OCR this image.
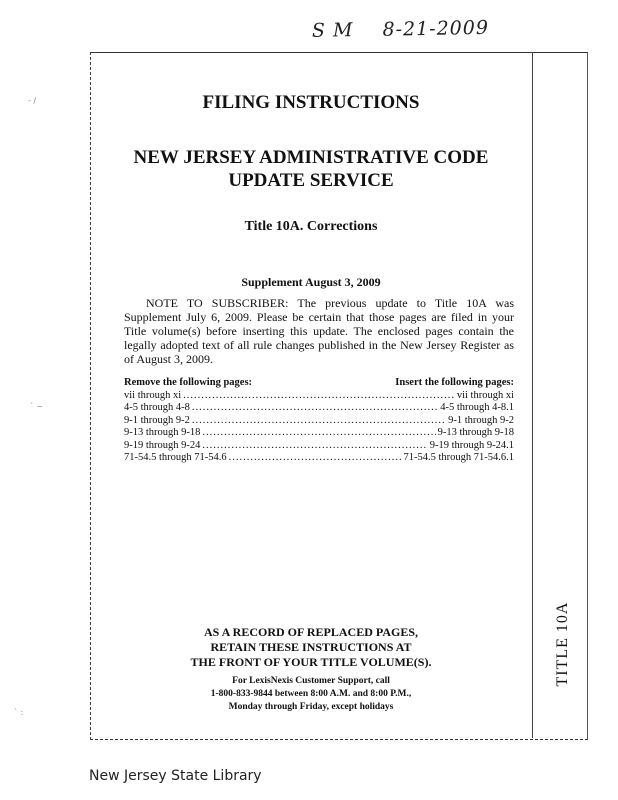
S M 8-21-2009
TITLE 10A
- ∕
` ~
` :
FILING INSTRUCTIONS
NEW JERSEY ADMINISTRATIVE CODE
UPDATE SERVICE
Title 10A. Corrections
Supplement August 3, 2009
NOTE TO SUBSCRIBER: The previous update to Title 10A was Supplement July 6, 2009. Please be certain that those pages are filed in your Title volume(s) before inserting this update. The enclosed pages contain the legally adopted text of all rule changes published in the New Jersey Register as of August 3, 2009.
Remove the following pages:	Insert the following pages:
vii through xi .....	vii through xi
4-5 through 4-8 .....	4-5 through 4-8.1
9-1 through 9-2 .....	9-1 through 9-2
9-13 through 9-18 .....	9-13 through 9-18
9-19 through 9-24 .....	9-19 through 9-24.1
71-54.5 through 71-54.6 .....	71-54.5 through 71-54.6.1
AS A RECORD OF REPLACED PAGES,
RETAIN THESE INSTRUCTIONS AT
THE FRONT OF YOUR TITLE VOLUME(S).
For LexisNexis Customer Support, call
1-800-833-9844 between 8:00 A.M. and 8:00 P.M.,
Monday through Friday, except holidays
New Jersey State Library
